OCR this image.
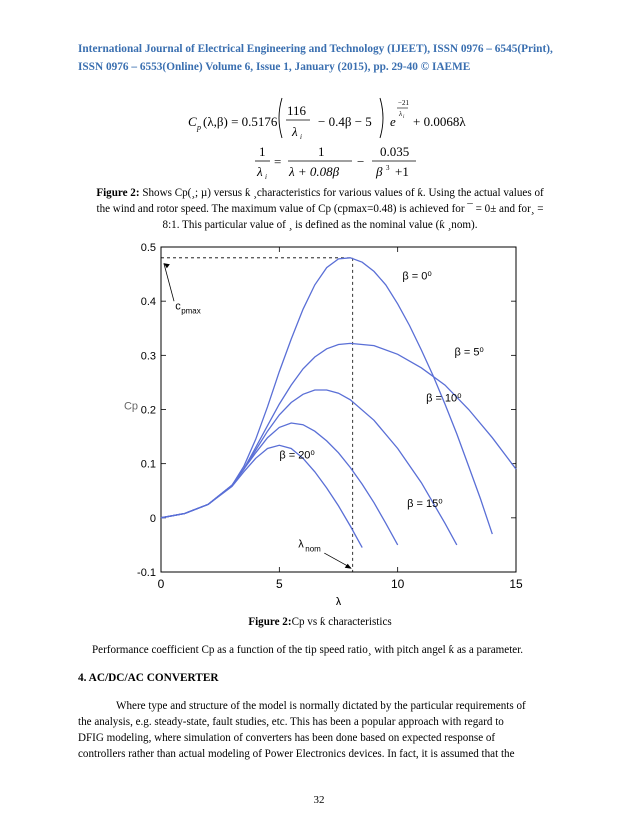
International Journal of Electrical Engineering and Technology (IJEET), ISSN 0976 – 6545(Print),
ISSN 0976 – 6553(Online) Volume 6, Issue 1, January (2015), pp. 29-40 © IAEME
C p (λ,β) = 0.5176
116
λ i
− 0.4β − 5 e
−21
λ i + 0.0068λ
1
λ i
=
1
λ + 0.08β
−
0.035
β 3 +1
Figure 2: Shows Cp(¸; µ) versus ƙ ¸characteristics for various values of ƙ. Using the actual values of
the wind and rotor speed. The maximum value of Cp (cpmax=0.48) is achieved for ¯ = 0± and for¸ =
8:1. This particular value of ¸ is defined as the nominal value (ƙ ¸nom).
-0.1
0
0.1
0.2
0.3
0.4
0.5
0	5	10	15
λ
Cp
β = 0⁰
β = 5⁰
β = 10⁰
β = 15⁰
β = 20⁰
c pmax
λ nom
Figure 2:Cp vs ƙ characteristics
Performance coefficient Cp as a function of the tip speed ratio¸ with pitch angel ƙ as a parameter.
4. AC/DC/AC CONVERTER
Where type and structure of the model is normally dictated by the particular requirements of
the analysis, e.g. steady-state, fault studies, etc. This has been a popular approach with regard to
DFIG modeling, where simulation of converters has been done based on expected response of
controllers rather than actual modeling of Power Electronics devices. In fact, it is assumed that the
32
